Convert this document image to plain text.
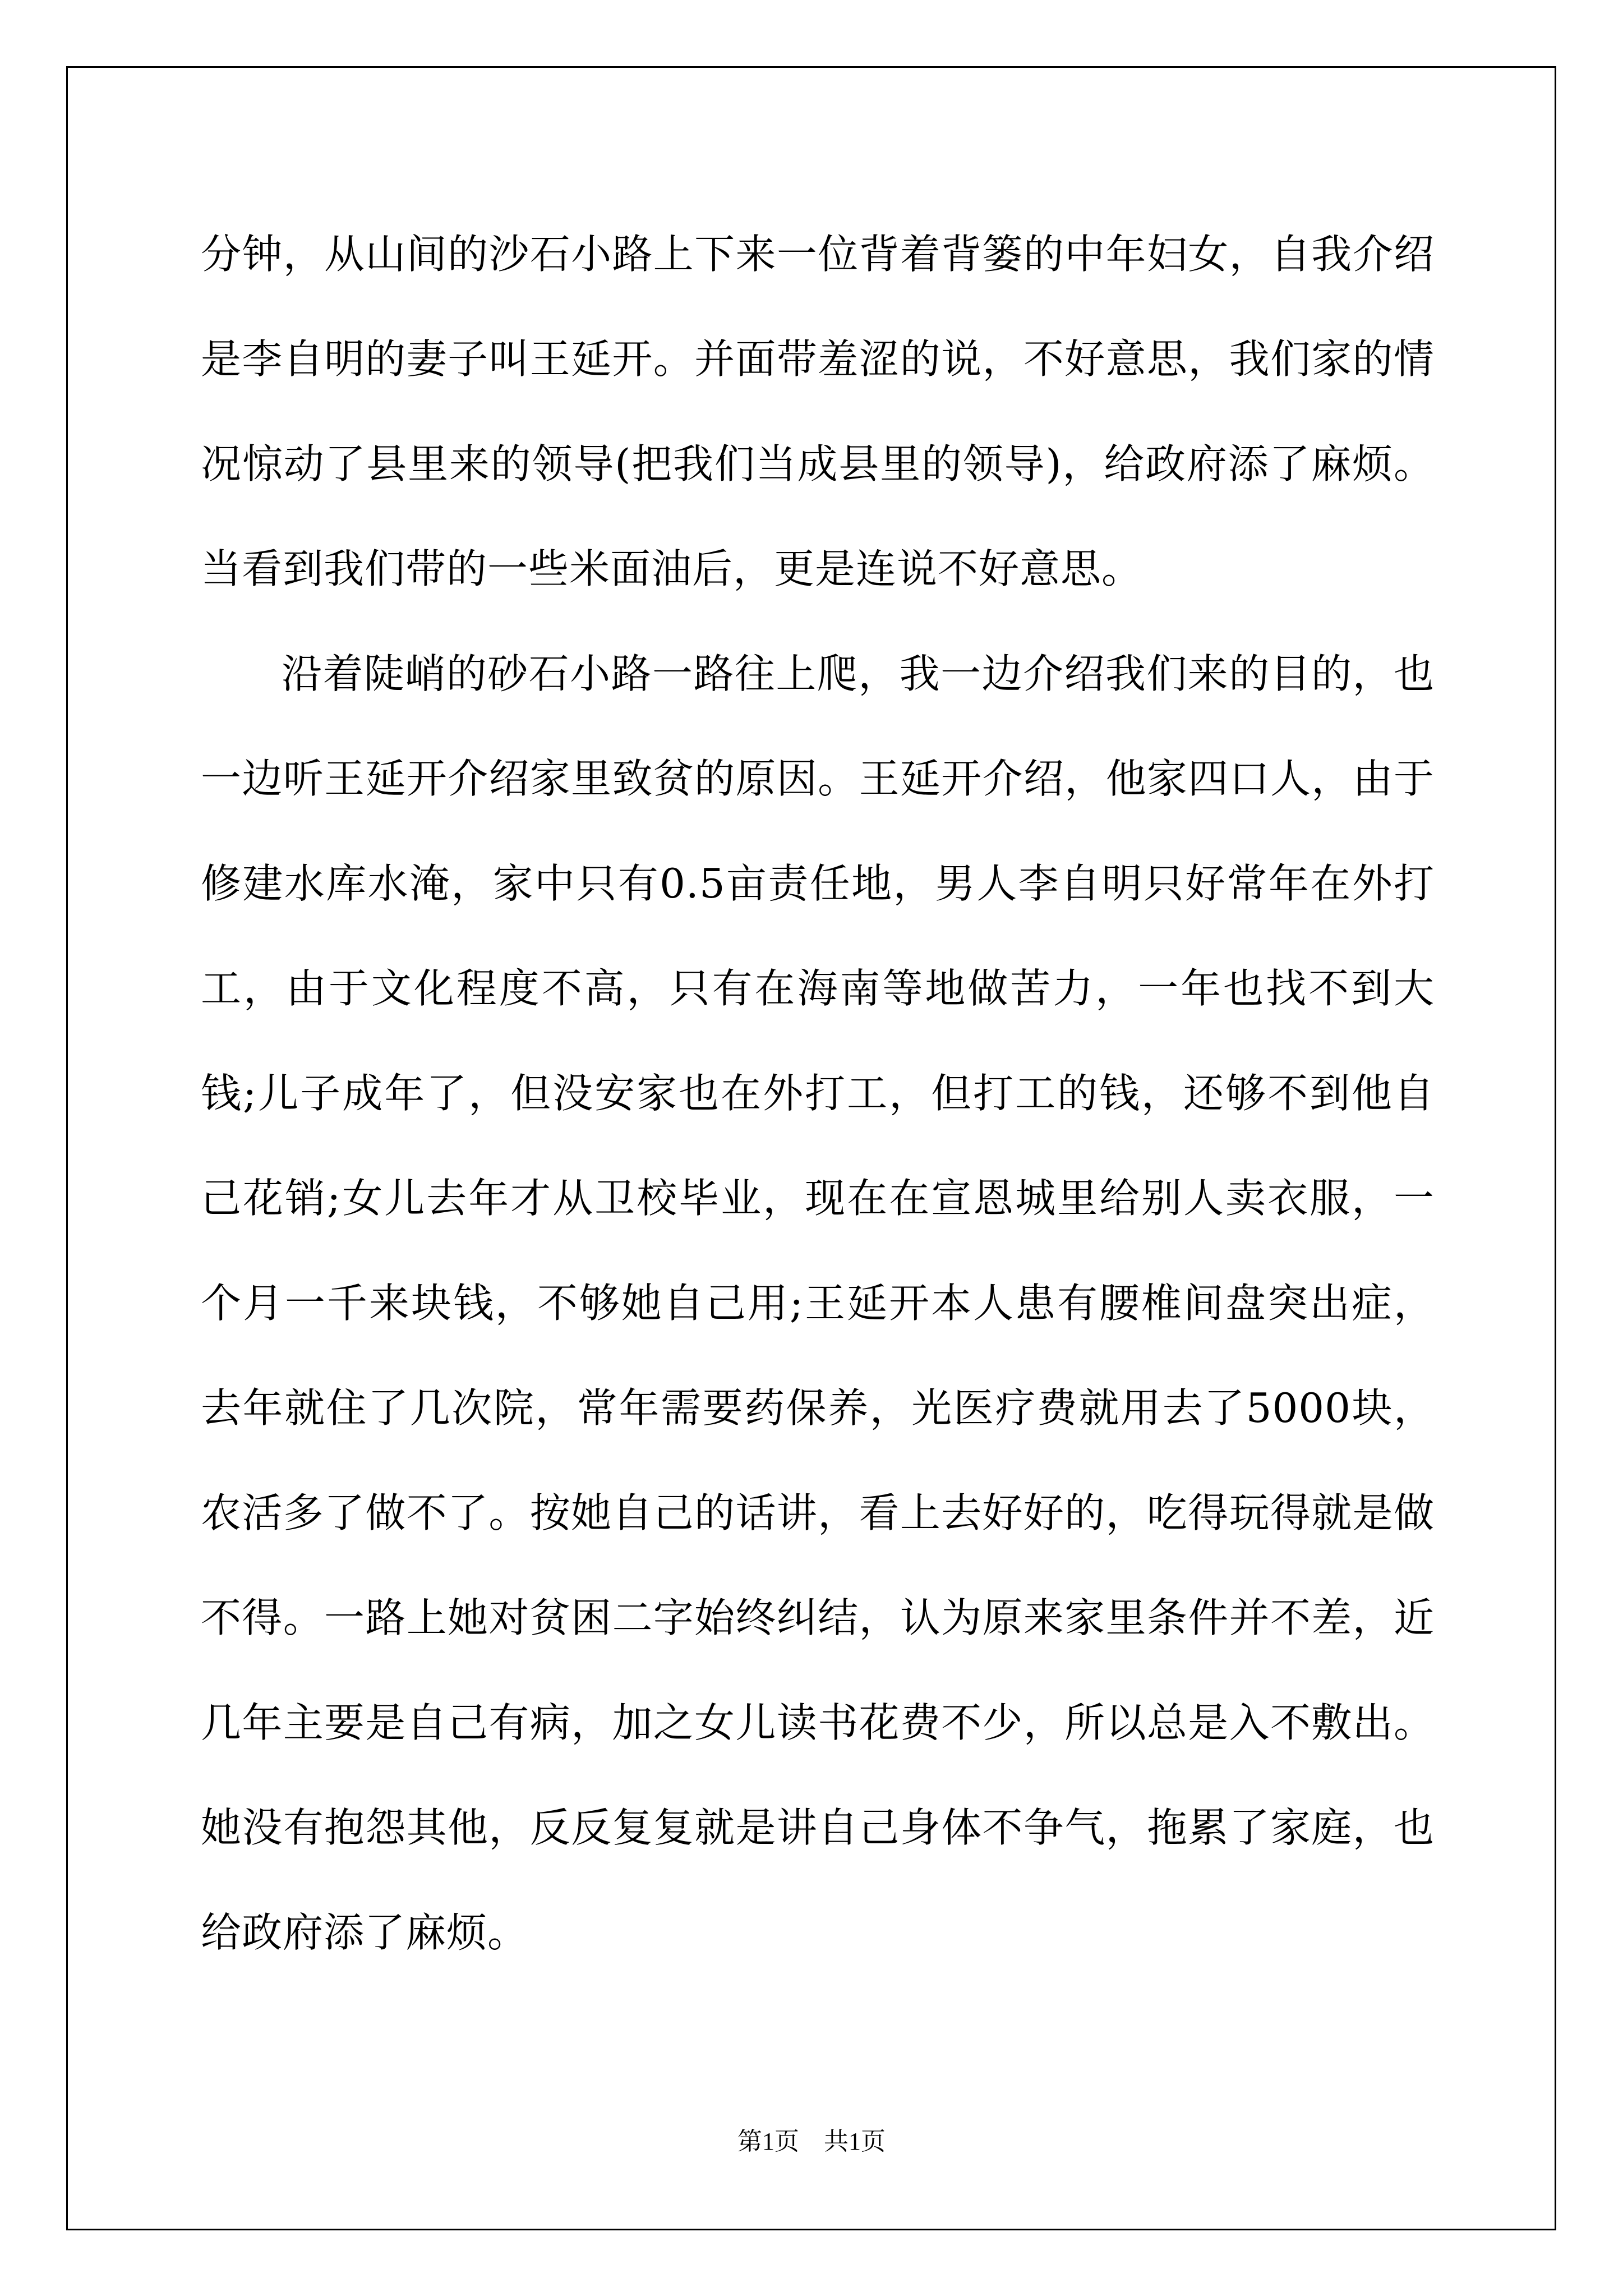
分钟，从山间的沙石小路上下来一位背着背篓的中年妇女，自我介绍是李自明的妻子叫王延开。并面带羞涩的说，不好意思，我们家的情况惊动了县里来的领导(把我们当成县里的领导)，给政府添了麻烦。当看到我们带的一些米面油后，更是连说不好意思。

沿着陡峭的砂石小路一路往上爬，我一边介绍我们来的目的，也一边听王延开介绍家里致贫的原因。王延开介绍，他家四口人，由于修建水库水淹，家中只有0.5亩责任地，男人李自明只好常年在外打工，由于文化程度不高，只有在海南等地做苦力，一年也找不到大钱;儿子成年了，但没安家也在外打工，但打工的钱，还够不到他自己花销;女儿去年才从卫校毕业，现在在宣恩城里给别人卖衣服，一个月一千来块钱，不够她自己用;王延开本人患有腰椎间盘突出症，去年就住了几次院，常年需要药保养，光医疗费就用去了5000块，农活多了做不了。按她自己的话讲，看上去好好的，吃得玩得就是做不得。一路上她对贫困二字始终纠结，认为原来家里条件并不差，近几年主要是自己有病，加之女儿读书花费不少，所以总是入不敷出。她没有抱怨其他，反反复复就是讲自己身体不争气，拖累了家庭，也给政府添了麻烦。

第1页　共1页
